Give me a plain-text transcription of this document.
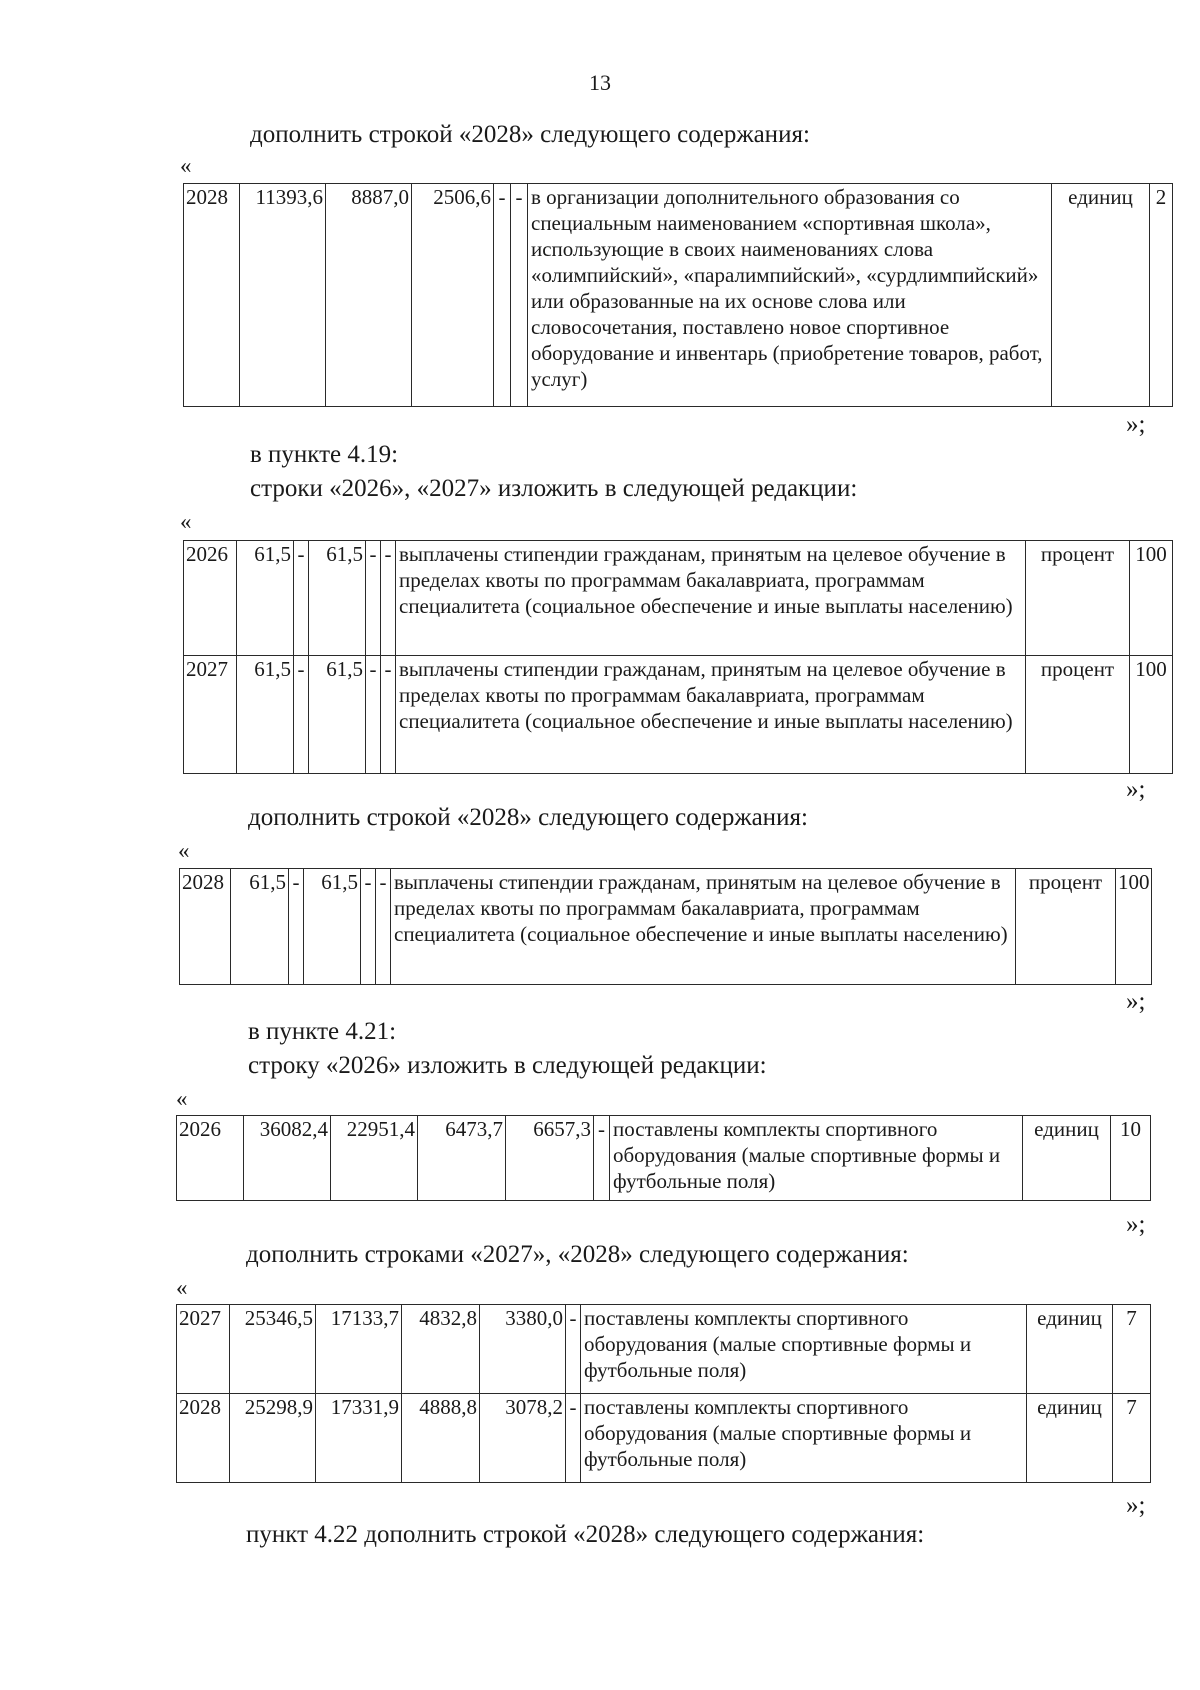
13
дополнить строкой «2028» следующего содержания:
«
2028	11393,6	8887,0	2506,6	-	-	в организации дополнительного образования со специальным наименованием «спортивная школа», использующие в своих наименованиях слова «олимпийский», «паралимпийский», «сурдлимпийский» или образованные на их основе слова или словосочетания, поставлено новое спортивное оборудование и инвентарь (приобретение товаров, работ, услуг)	единиц	2
»;
в пункте 4.19:
строки «2026», «2027» изложить в следующей редакции:
«
2026	61,5	-	61,5	-	-	выплачены стипендии гражданам, принятым на целевое обучение в пределах квоты по программам бакалавриата, программам специалитета (социальное обеспечение и иные выплаты населению)	процент	100
2027	61,5	-	61,5	-	-	выплачены стипендии гражданам, принятым на целевое обучение в пределах квоты по программам бакалавриата, программам специалитета (социальное обеспечение и иные выплаты населению)	процент	100
»;
дополнить строкой «2028» следующего содержания:
«
2028	61,5	-	61,5	-	-	выплачены стипендии гражданам, принятым на целевое обучение в пределах квоты по программам бакалавриата, программам специалитета (социальное обеспечение и иные выплаты населению)	процент	100
»;
в пункте 4.21:
строку «2026» изложить в следующей редакции:
«
2026	36082,4	22951,4	6473,7	6657,3	-	поставлены комплекты спортивного оборудования (малые спортивные формы и футбольные поля)	единиц	10
»;
дополнить строками «2027», «2028» следующего содержания:
«
2027	25346,5	17133,7	4832,8	3380,0	-	поставлены комплекты спортивного оборудования (малые спортивные формы и футбольные поля)	единиц	7
2028	25298,9	17331,9	4888,8	3078,2	-	поставлены комплекты спортивного оборудования (малые спортивные формы и футбольные поля)	единиц	7
»;
пункт 4.22 дополнить строкой «2028» следующего содержания:
